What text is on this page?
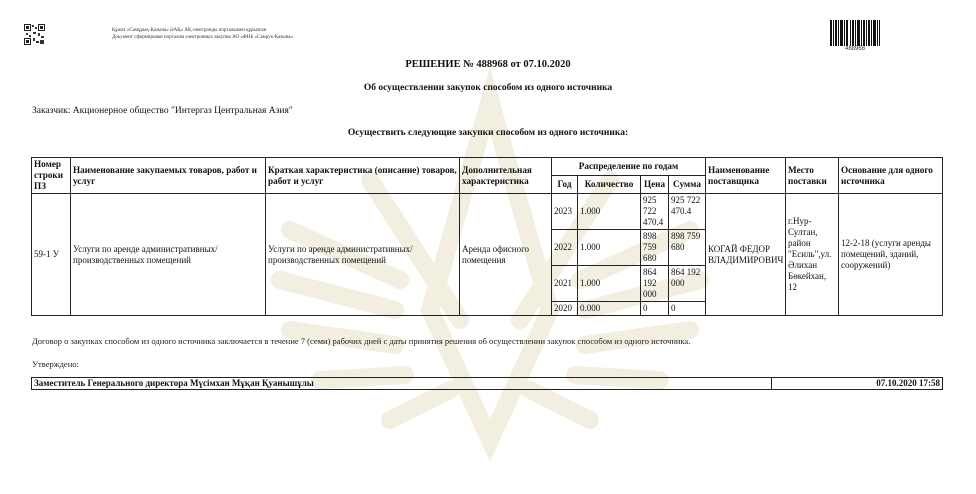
Құжат «Самұрық-Қазына» ӘАҚ» АҚ электронды порталымен құрылған
Документ сформирован порталом электронных закупок АО «ФНБ «Самрук-Казына»
488968
РЕШЕНИЕ № 488968 от 07.10.2020
Об осуществлении закупок способом из одного источника
Заказчик: Акционерное общество "Интергаз Центральная Азия"
Осуществить следующие закупки способом из одного источника:
Номер строки ПЗ	Наименование закупаемых товаров, работ и услуг	Краткая характеристика (описание) товаров, работ и услуг	Дополнительная характеристика	Распределение по годам				Наименование поставщика	Место поставки	Основание для одного источника
				Год	Количество	Цена	Сумма			
59-1 У	Услуги по аренде административных/производственных помещений	Услуги по аренде административных/производственных помещений	Аренда офисного помещения	2023	1.000	925 722 470.4	925 722 470.4	КОГАЙ ФЕДОР ВЛАДИМИРОВИЧ	г.Нур-Султан, район "Есиль",ул. Әлихан Бөкейхан, 12	12-2-18 (услуги аренды помещений, зданий, сооружений)
				2022	1.000	898 759 680	898 759 680			
				2021	1.000	864 192 000	864 192 000			
				2020	0.000	0	0			
Договор о закупках способом из одного источника заключается в течение 7 (семи) рабочих дней с даты принятия решения об осуществлении закупок способом из одного источника.
Утверждено:
Заместитель Генерального директора Мүсімхан Мұқан Қуанышұлы	07.10.2020 17:58
